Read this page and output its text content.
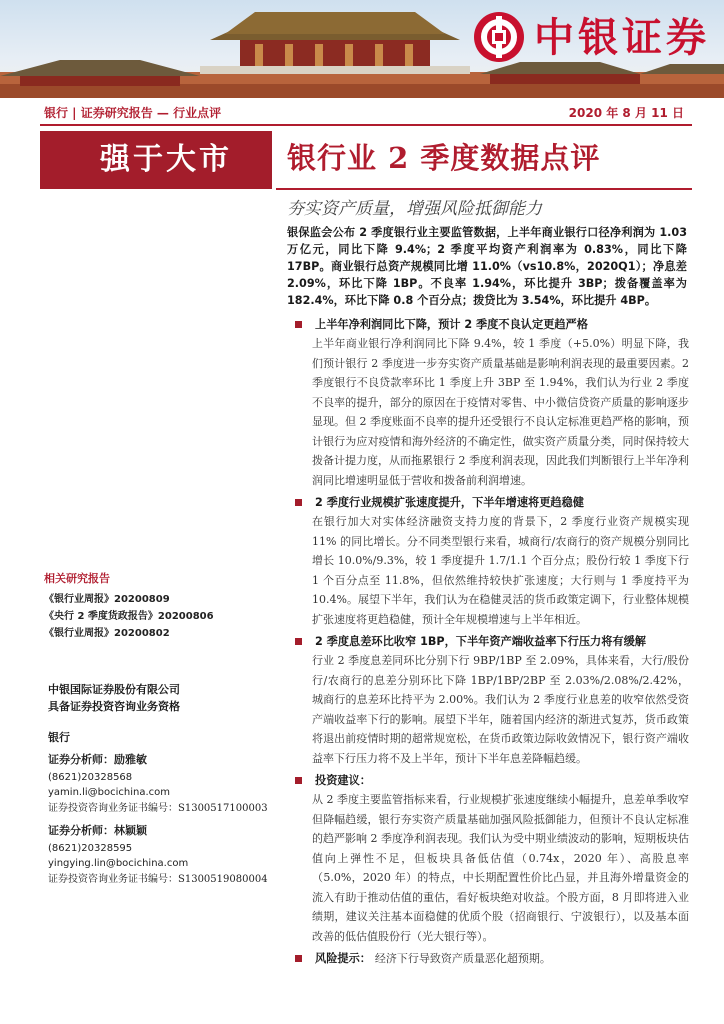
中银证券
银行 | 证券研究报告 — 行业点评	2020 年 8 月 11 日
强于大市	银行业 2 季度数据点评
夯实资产质量，增强风险抵御能力
银保监会公布 2 季度银行业主要监管数据，上半年商业银行口径净利润为 1.03 万亿元，同比下降 9.4%；2 季度平均资产利润率为 0.83%，同比下降 17BP。商业银行总资产规模同比增 11.0%（vs10.8%，2020Q1）；净息差 2.09%，环比下降 1BP。不良率 1.94%，环比提升 3BP；拨备覆盖率为 182.4%，环比下降 0.8 个百分点；拨贷比为 3.54%，环比提升 4BP。
上半年净利润同比下降，预计 2 季度不良认定更趋严格
上半年商业银行净利润同比下降 9.4%，较 1 季度（+5.0%）明显下降，我们预计银行 2 季度进一步夯实资产质量基础是影响利润表现的最重要因素。2 季度银行不良贷款率环比 1 季度上升 3BP 至 1.94%，我们认为行业 2 季度不良率的提升，部分的原因在于疫情对零售、中小微信贷资产质量的影响逐步显现。但 2 季度账面不良率的提升还受银行不良认定标准更趋严格的影响，预计银行为应对疫情和海外经济的不确定性，做实资产质量分类，同时保持较大拨备计提力度，从而拖累银行 2 季度利润表现，因此我们判断银行上半年净利润同比增速明显低于营收和拨备前利润增速。
2 季度行业规模扩张速度提升，下半年增速将更趋稳健
在银行加大对实体经济融资支持力度的背景下，2 季度行业资产规模实现 11% 的同比增长。分不同类型银行来看，城商行/农商行的资产规模分别同比增长 10.0%/9.3%，较 1 季度提升 1.7/1.1 个百分点；股份行较 1 季度下行 1 个百分点至 11.8%，但依然维持较快扩张速度；大行则与 1 季度持平为 10.4%。展望下半年，我们认为在稳健灵活的货币政策定调下，行业整体规模扩张速度将更趋稳健，预计全年规模增速与上半年相近。
2 季度息差环比收窄 1BP，下半年资产端收益率下行压力将有缓解
行业 2 季度息差同环比分别下行 9BP/1BP 至 2.09%，具体来看，大行/股份行/农商行的息差分别环比下降 1BP/1BP/2BP 至 2.03%/2.08%/2.42%，城商行的息差环比持平为 2.00%。我们认为 2 季度行业息差的收窄依然受资产端收益率下行的影响。展望下半年，随着国内经济的渐进式复苏，货币政策将退出前疫情时期的超常规宽松，在货币政策边际收敛情况下，银行资产端收益率下行压力将不及上半年，预计下半年息差降幅趋缓。
投资建议：
从 2 季度主要监管指标来看，行业规模扩张速度继续小幅提升，息差单季收窄但降幅趋缓，银行夯实资产质量基础加强风险抵御能力，但预计不良认定标准的趋严影响 2 季度净利润表现。我们认为受中期业绩波动的影响，短期板块估值向上弹性不足，但板块具备低估值（0.74x，2020 年）、高股息率（5.0%，2020 年）的特点，中长期配置性价比凸显，并且海外增量资金的流入有助于推动估值的重估，看好板块绝对收益。个股方面，8 月即将进入业绩期，建议关注基本面稳健的优质个股（招商银行、宁波银行），以及基本面改善的低估值股份行（光大银行等）。
风险提示： 经济下行导致资产质量恶化超预期。
相关研究报告
《银行业周报》20200809
《央行 2 季度货政报告》20200806
《银行业周报》20200802
中银国际证券股份有限公司
具备证券投资咨询业务资格
银行
证券分析师：励雅敏
(8621)20328568
yamin.li@bocichina.com
证券投资咨询业务证书编号：S1300517100003
证券分析师：林颖颖
(8621)20328595
yingying.lin@bocichina.com
证券投资咨询业务证书编号：S1300519080004
